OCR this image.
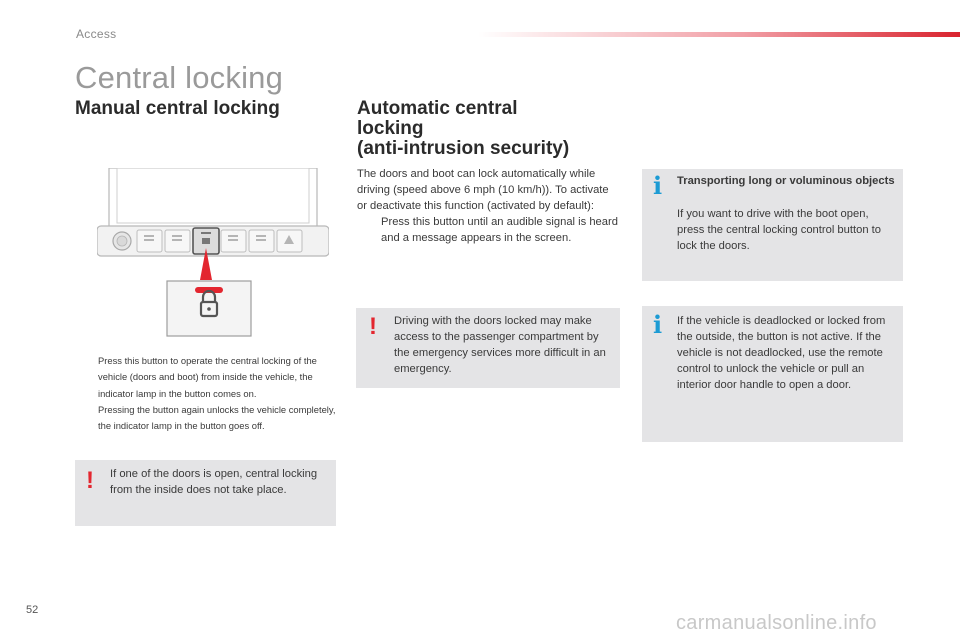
Access
Central locking
Manual central locking
Press this button to operate the central locking of the vehicle (doors and boot) from inside the vehicle, the indicator lamp in the button comes on.
Pressing the button again unlocks the vehicle completely, the indicator lamp in the button goes off.
! If one of the doors is open, central locking from the inside does not take place.
Automatic central
locking
(anti-intrusion security)
The doors and boot can lock automatically while driving (speed above 6 mph (10 km/h)). To activate or deactivate this function (activated by default):
Press this button until an audible signal is heard and a message appears in the screen.
! Driving with the doors locked may make access to the passenger compartment by the emergency services more difficult in an emergency.
i Transporting long or voluminous objects
If you want to drive with the boot open, press the central locking control button to lock the doors.
i If the vehicle is deadlocked or locked from the outside, the button is not active. If the vehicle is not deadlocked, use the remote control to unlock the vehicle or pull an interior door handle to open a door.
52
carmanualsonline.info
